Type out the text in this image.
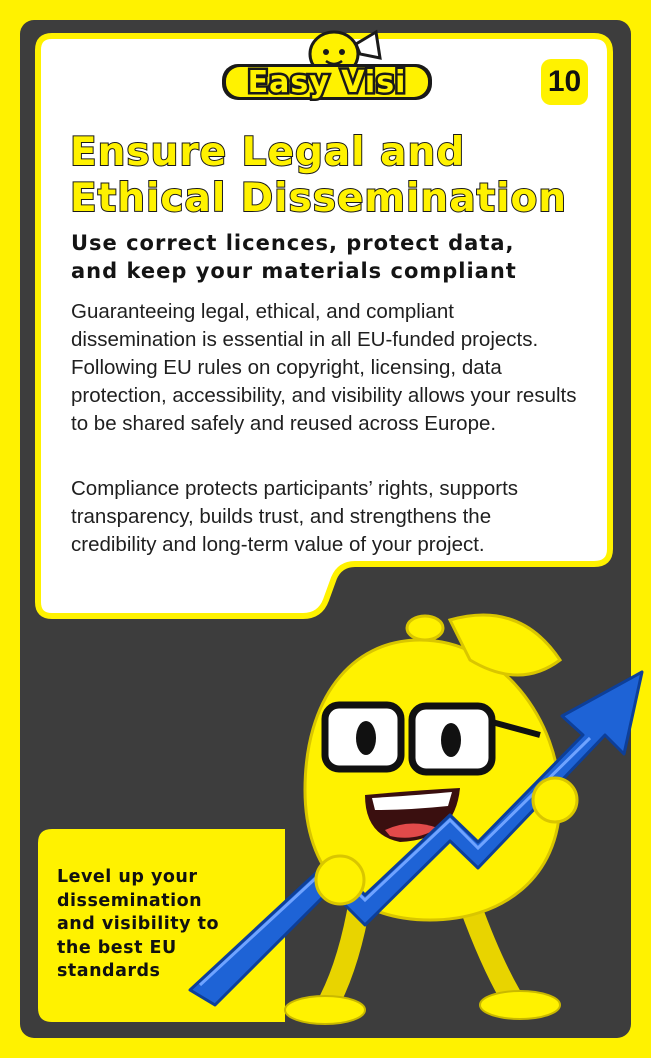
Easy Visi	10
Ensure Legal and
Ethical Dissemination
Use correct licences, protect data,
and keep your materials compliant

Guaranteeing legal, ethical, and compliant dissemination is essential in all EU-funded projects. Following EU rules on copyright, licensing, data protection, accessibility, and visibility allows your results to be shared safely and reused across Europe.

Compliance protects participants’ rights, supports transparency, builds trust, and strengthens the credibility and long-term value of your project.

Level up your
dissemination
and visibility to
the best EU
standards
